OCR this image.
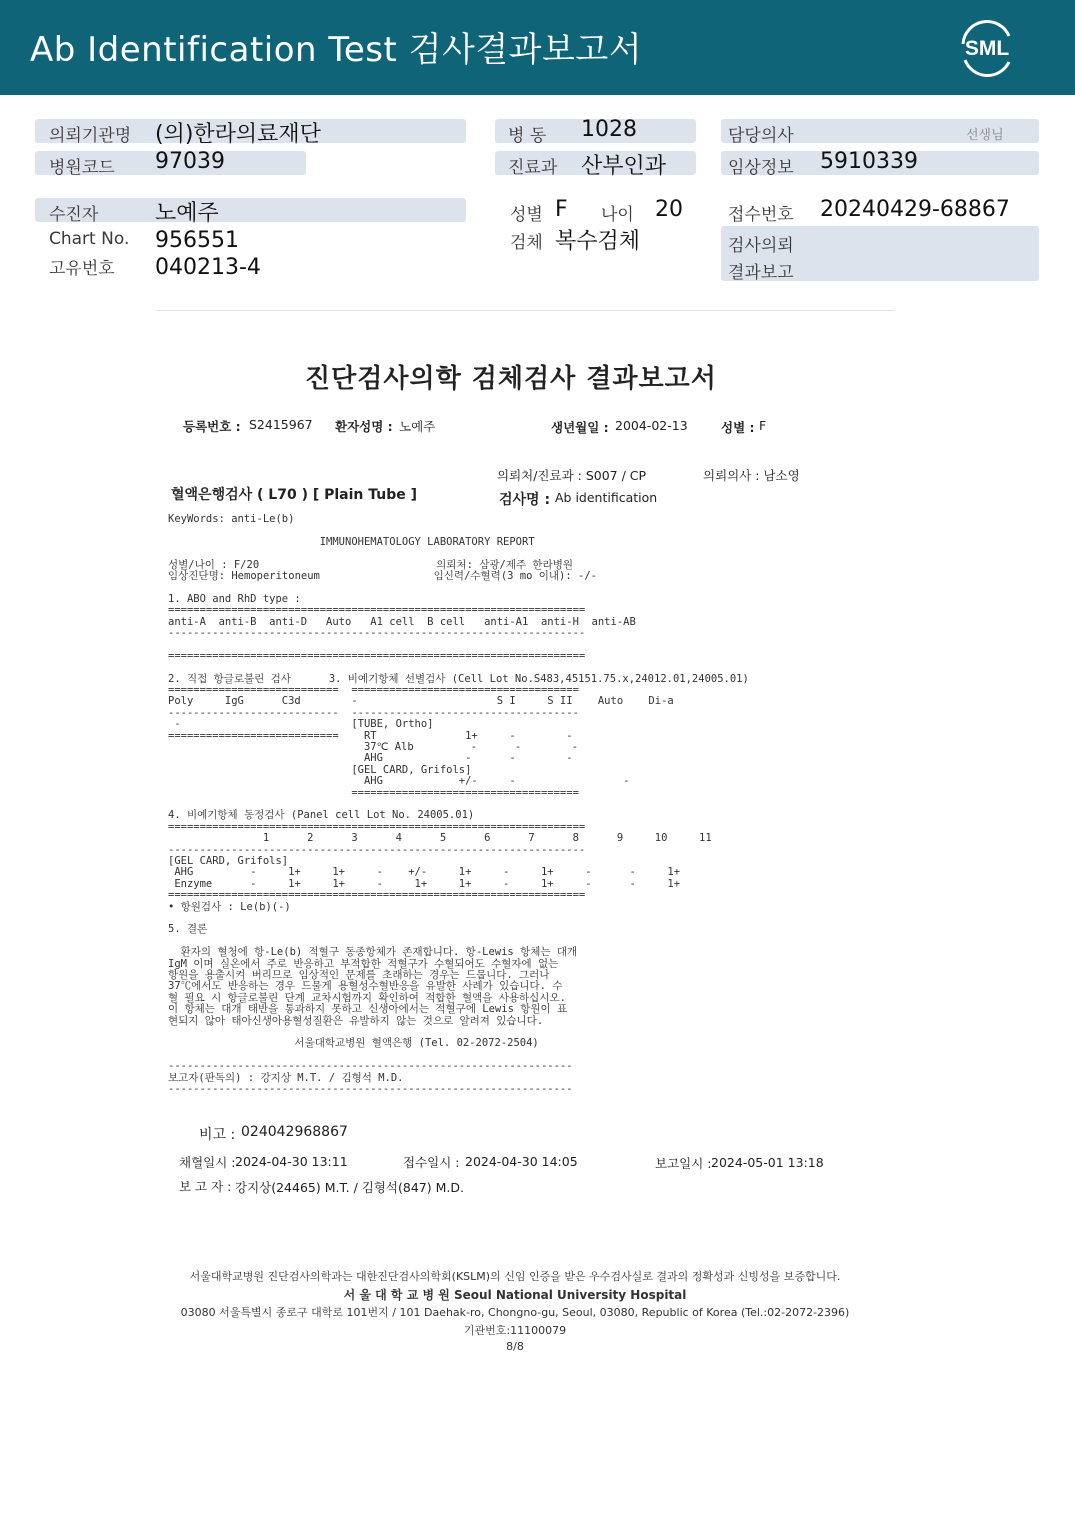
Ab Identification Test 검사결과보고서	SML
의뢰기관명 (의)한라의료재단
병원코드 97039
병 동 1028
진료과 산부인과
담당의사	선생님
임상정보 5910339
수진자	노예주
Chart No. 956551
고유번호 040213-4
성별 F 나이 20
검체 복수검체
접수번호 20240429-68867
검사의뢰
결과보고
진단검사의학 검체검사 결과보고서
등록번호 : S2415967 환자성명 : 노예주	생년월일 : 2004-02-13	성별 : F
의뢰처/진료과 : S007 / CP	의뢰의사 : 남소영
혈액은행검사 ( L70 ) [ Plain Tube ]	검사명 : Ab identification
KeyWords: anti-Le(b)
IMMUNOHEMATOLOGY LABORATORY REPORT
성별/나이 : F/20                            의뢰처: 삼광/제주 한라병원
임상진단명: Hemoperitoneum                  임신력/수혈력(3 mo 이내): -/-
1. ABO and RhD type :
==================================================================
anti-A  anti-B  anti-D   Auto   A1 cell  B cell   anti-A1  anti-H  anti-AB
------------------------------------------------------------------
==================================================================
2. 직접 항글로불린 검사      3. 비예기항체 선별검사 (Cell Lot No.S483,45151.75.x,24012.01,24005.01)
===========================  ====================================
Poly     IgG      C3d        -                      S I     S II    Auto    Di-a
---------------------------  ------------------------------------
-                           [TUBE, Ortho]
===========================    RT              1+     -        -
37℃ Alb         -      -        -
AHG             -      -        -
[GEL CARD, Grifols]
AHG            +/-     -                 -
====================================
4. 비예기항체 동정검사 (Panel cell Lot No. 24005.01)
==================================================================
1      2      3      4      5      6      7      8      9     10     11
------------------------------------------------------------------
[GEL CARD, Grifols]
AHG         -     1+     1+     -    +/-     1+     -     1+     -      -     1+
Enzyme      -     1+     1+     -     1+     1+     -     1+     -      -     1+
==================================================================
• 항원검사 : Le(b)(-)
5. 결론
환자의 혈청에 항-Le(b) 적혈구 동종항체가 존재합니다. 항-Lewis 항체는 대개
IgM 이며 실온에서 주로 반응하고 부적합한 적혈구가 수혈되어도 수혈자에 없는
항원을 용출시켜 버리므로 임상적인 문제를 초래하는 경우는 드뭅니다. 그러나
37℃에서도 반응하는 경우 드물게 용혈성수혈반응을 유발한 사례가 있습니다. 수
혈 필요 시 항글로불린 단계 교차시험까지 확인하여 적합한 혈액을 사용하십시오.
이 항체는 대개 태반을 통과하지 못하고 신생아에서는 적혈구에 Lewis 항원이 표
현되지 않아 태아신생아용혈성질환은 유발하지 않는 것으로 알려져 있습니다.
서울대학교병원 혈액은행 (Tel. 02-2072-2504)
----------------------------------------------------------------
보고자(판독의) : 강지상 M.T. / 김형석 M.D.
----------------------------------------------------------------
비고 : 024042968867
채혈일시 : 2024-04-30 13:11	접수일시 : 2024-04-30 14:05	보고일시 : 2024-05-01 13:18
보 고 자 : 강지상(24465) M.T. / 김형석(847) M.D.
서울대학교병원 진단검사의학과는 대한진단검사의학회(KSLM)의 신임 인증을 받은 우수검사실로 결과의 정확성과 신빙성을 보증합니다.
서 울 대 학 교 병 원 Seoul National University Hospital
03080 서울특별시 종로구 대학로 101번지 / 101 Daehak-ro, Chongno-gu, Seoul, 03080, Republic of Korea (Tel.:02-2072-2396)
기관번호:11100079
8/8
